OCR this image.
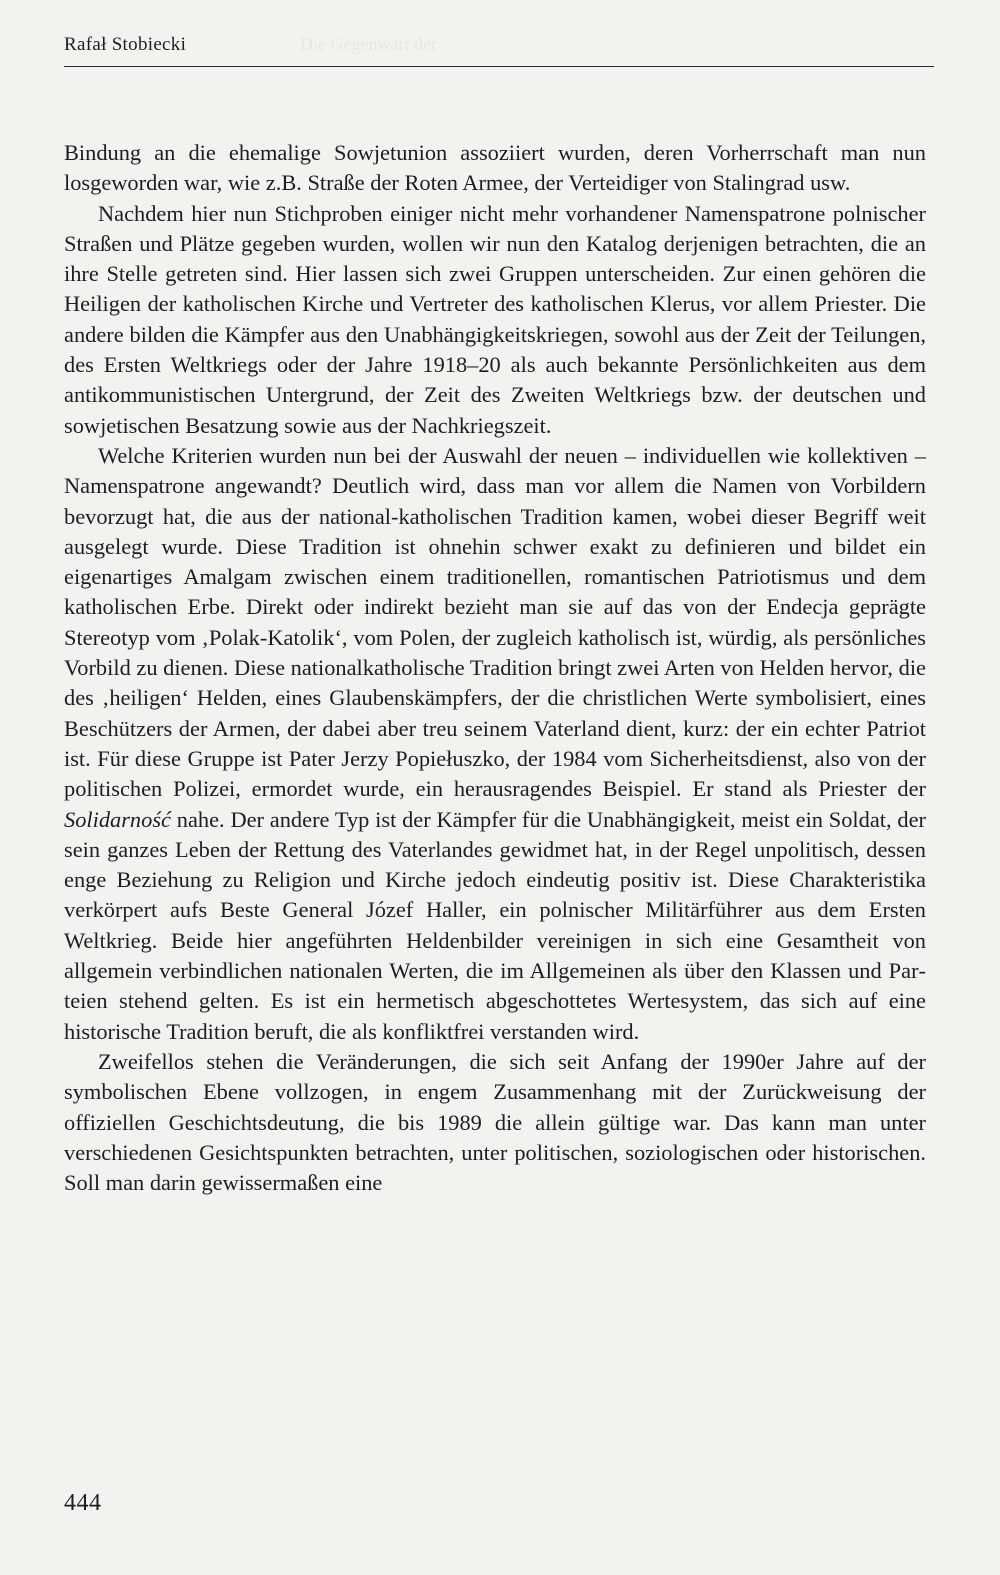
Rafał Stobiecki	Die Gegenwart der

Bindung an die ehemalige Sowjetunion assoziiert wurden, deren Vorherrschaft man nun losgeworden war, wie z.B. Straße der Roten Armee, der Verteidiger von Stalingrad usw.

Nachdem hier nun Stichproben einiger nicht mehr vorhandener Namenspatrone polnischer Straßen und Plätze gegeben wurden, wollen wir nun den Katalog derjenigen betrachten, die an ihre Stelle getreten sind. Hier lassen sich zwei Gruppen unterscheiden. Zur einen gehören die Heiligen der katholischen Kirche und Vertreter des katholischen Klerus, vor allem Priester. Die andere bilden die Kämpfer aus den Unabhängigkeitskriegen, sowohl aus der Zeit der Teilungen, des Ersten Weltkriegs oder der Jahre 1918–20 als auch bekannte Persönlichkeiten aus dem antikommunistischen Untergrund, der Zeit des Zweiten Weltkriegs bzw. der deutschen und sowjetischen Besatzung sowie aus der Nachkriegszeit.

Welche Kriterien wurden nun bei der Auswahl der neuen – individuellen wie kollektiven – Namenspatrone angewandt? Deutlich wird, dass man vor allem die Namen von Vorbildern bevorzugt hat, die aus der national-katholischen Tradition kamen, wobei dieser Begriff weit ausgelegt wurde. Diese Tradition ist ohnehin schwer exakt zu definieren und bildet ein eigenartiges Amalgam zwischen einem traditionellen, romantischen Patriotismus und dem katholischen Erbe. Direkt oder indirekt bezieht man sie auf das von der Endecja geprägte Stereotyp vom ‚Polak-Katolik‘, vom Polen, der zugleich katholisch ist, würdig, als persönliches Vorbild zu dienen. Diese nationalkatholische Tradition bringt zwei Arten von Helden hervor, die des ‚heiligen‘ Helden, eines Glaubenskämpfers, der die christlichen Werte symbolisiert, eines Beschützers der Armen, der dabei aber treu seinem Vaterland dient, kurz: der ein echter Patriot ist. Für diese Gruppe ist Pater Jerzy Popiełuszko, der 1984 vom Sicherheitsdienst, also von der politischen Polizei, ermordet wurde, ein herausragendes Beispiel. Er stand als Priester der Solidarność nahe. Der andere Typ ist der Kämpfer für die Unabhängigkeit, meist ein Soldat, der sein ganzes Leben der Rettung des Vaterlandes gewidmet hat, in der Regel unpolitisch, dessen enge Beziehung zu Religion und Kirche jedoch eindeutig positiv ist. Diese Charakteristika verkörpert aufs Beste General Józef Haller, ein polnischer Militärführer aus dem Ersten Weltkrieg. Beide hier angeführten Heldenbilder vereinigen in sich eine Gesamtheit von allgemein verbindlichen nationalen Werten, die im Allgemeinen als über den Klassen und Parteien stehend gelten. Es ist ein hermetisch abgeschottetes Wertesystem, das sich auf eine historische Tradition beruft, die als konfliktfrei verstanden wird.

Zweifellos stehen die Veränderungen, die sich seit Anfang der 1990er Jahre auf der symbolischen Ebene vollzogen, in engem Zusammenhang mit der Zurückweisung der offiziellen Geschichtsdeutung, die bis 1989 die allein gültige war. Das kann man unter verschiedenen Gesichtspunkten betrachten, unter politischen, soziologischen oder historischen. Soll man darin gewissermaßen eine

444
